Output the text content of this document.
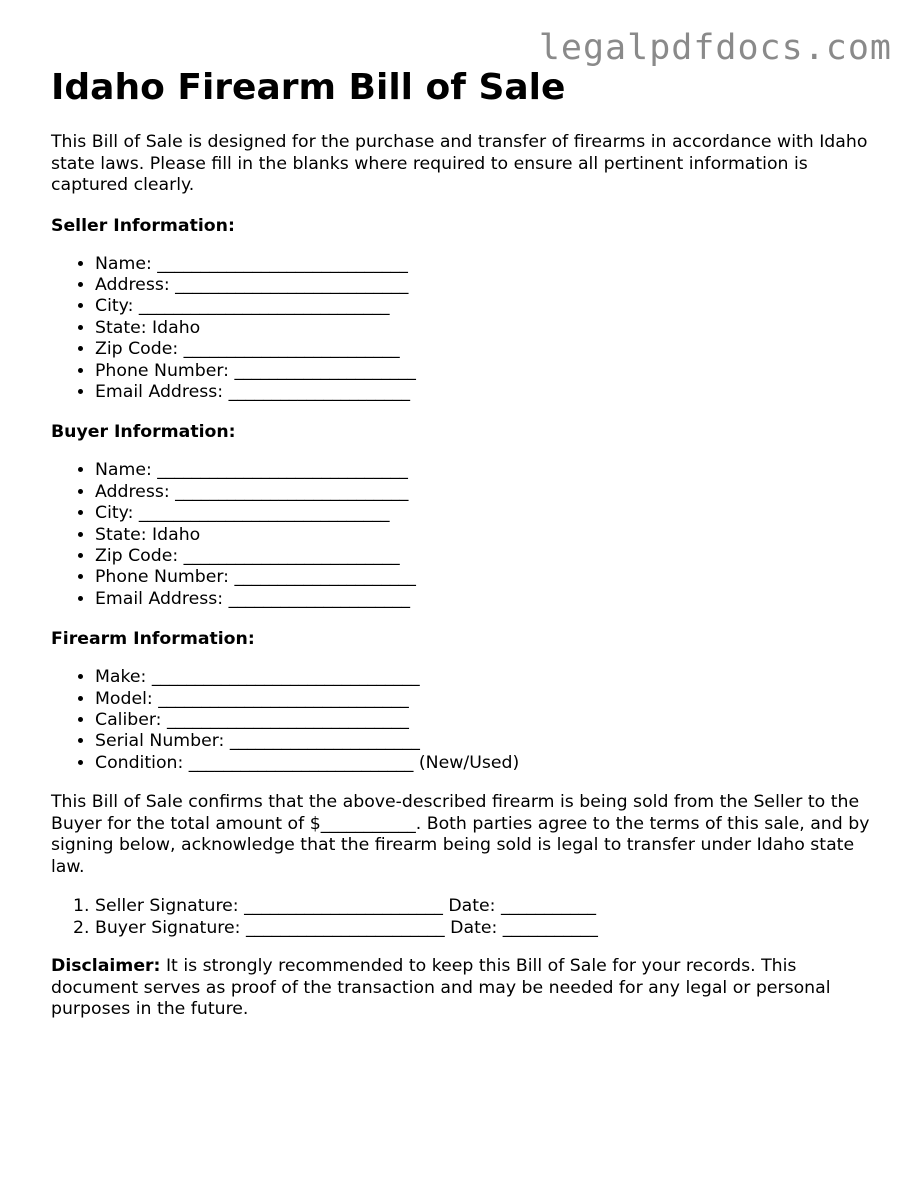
legalpdfdocs.com
Idaho Firearm Bill of Sale

This Bill of Sale is designed for the purchase and transfer of firearms in accordance with Idaho state laws. Please fill in the blanks where required to ensure all pertinent information is captured clearly.

Seller Information:
• Name: _____________________________
• Address: ___________________________
• City: _____________________________
• State: Idaho
• Zip Code: _________________________
• Phone Number: _____________________
• Email Address: _____________________
Buyer Information:
• Name: _____________________________
• Address: ___________________________
• City: _____________________________
• State: Idaho
• Zip Code: _________________________
• Phone Number: _____________________
• Email Address: _____________________
Firearm Information:
• Make: _______________________________
• Model: _____________________________
• Caliber: ____________________________
• Serial Number: ______________________
• Condition: __________________________ (New/Used)

This Bill of Sale confirms that the above-described firearm is being sold from the Seller to the Buyer for the total amount of $___________. Both parties agree to the terms of this sale, and by signing below, acknowledge that the firearm being sold is legal to transfer under Idaho state law.

1. Seller Signature: _______________________ Date: ___________
2. Buyer Signature: _______________________ Date: ___________

Disclaimer: It is strongly recommended to keep this Bill of Sale for your records. This document serves as proof of the transaction and may be needed for any legal or personal purposes in the future.
